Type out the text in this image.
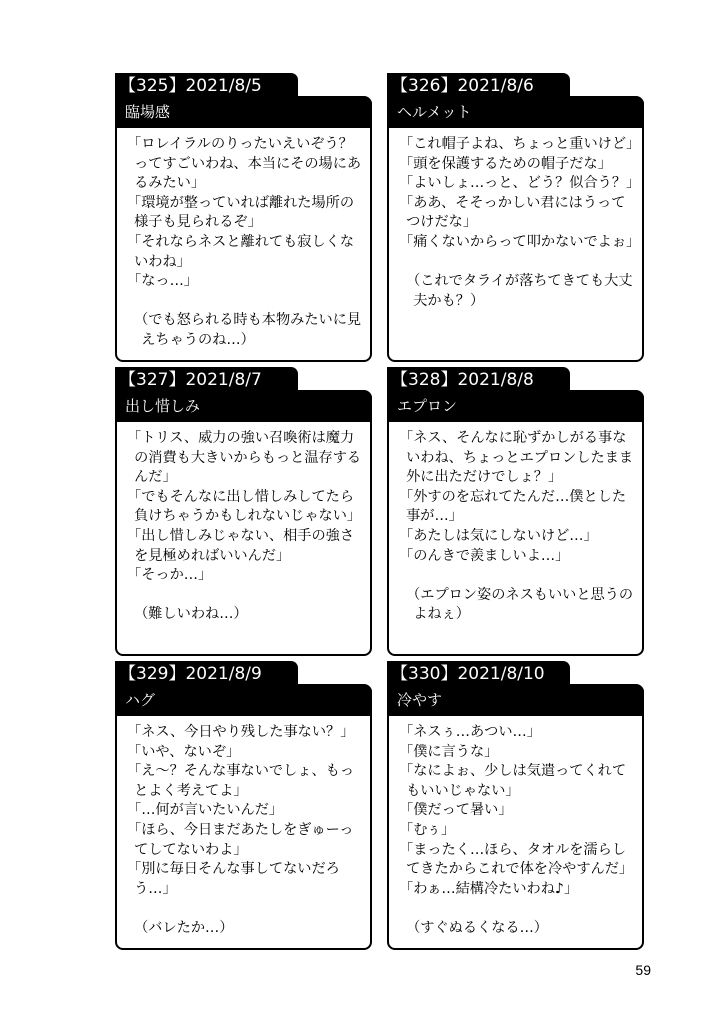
【325】2021/8/5
臨場感

「ロレイラルのりったいえいぞう？ってすごいわね、本当にその場にあるみたい」

「環境が整っていれば離れた場所の様子も見られるぞ」

「それならネスと離れても寂しくないわね」

「なっ…」

（でも怒られる時も本物みたいに見えちゃうのね…）

【326】2021/8/6
ヘルメット

「これ帽子よね、ちょっと重いけど」

「頭を保護するための帽子だな」

「よいしょ…っと、どう？似合う？」

「ああ、そそっかしい君にはうってつけだな」

「痛くないからって叩かないでよぉ」

（これでタライが落ちてきても大丈夫かも？）

【327】2021/8/7
出し惜しみ

「トリス、威力の強い召喚術は魔力の消費も大きいからもっと温存するんだ」

「でもそんなに出し惜しみしてたら負けちゃうかもしれないじゃない」

「出し惜しみじゃない、相手の強さを見極めればいいんだ」

「そっか…」

（難しいわね…）

【328】2021/8/8
エプロン

「ネス、そんなに恥ずかしがる事ないわね、ちょっとエプロンしたまま外に出ただけでしょ？」

「外すのを忘れてたんだ…僕とした事が…」

「あたしは気にしないけど…」

「のんきで羨ましいよ…」

（エプロン姿のネスもいいと思うのよねぇ）

【329】2021/8/9
ハグ

「ネス、今日やり残した事ない？」

「いや、ないぞ」

「え～？そんな事ないでしょ、もっとよく考えてよ」

「…何が言いたいんだ」

「ほら、今日まだあたしをぎゅーってしてないわよ」

「別に毎日そんな事してないだろう…」

（バレたか…）

【330】2021/8/10
冷やす

「ネスぅ…あつい…」

「僕に言うな」

「なによぉ、少しは気遣ってくれてもいいじゃない」

「僕だって暑い」

「むぅ」

「まったく…ほら、タオルを濡らしてきたからこれで体を冷やすんだ」

「わぁ…結構冷たいわね♪」

（すぐぬるくなる…）

59
